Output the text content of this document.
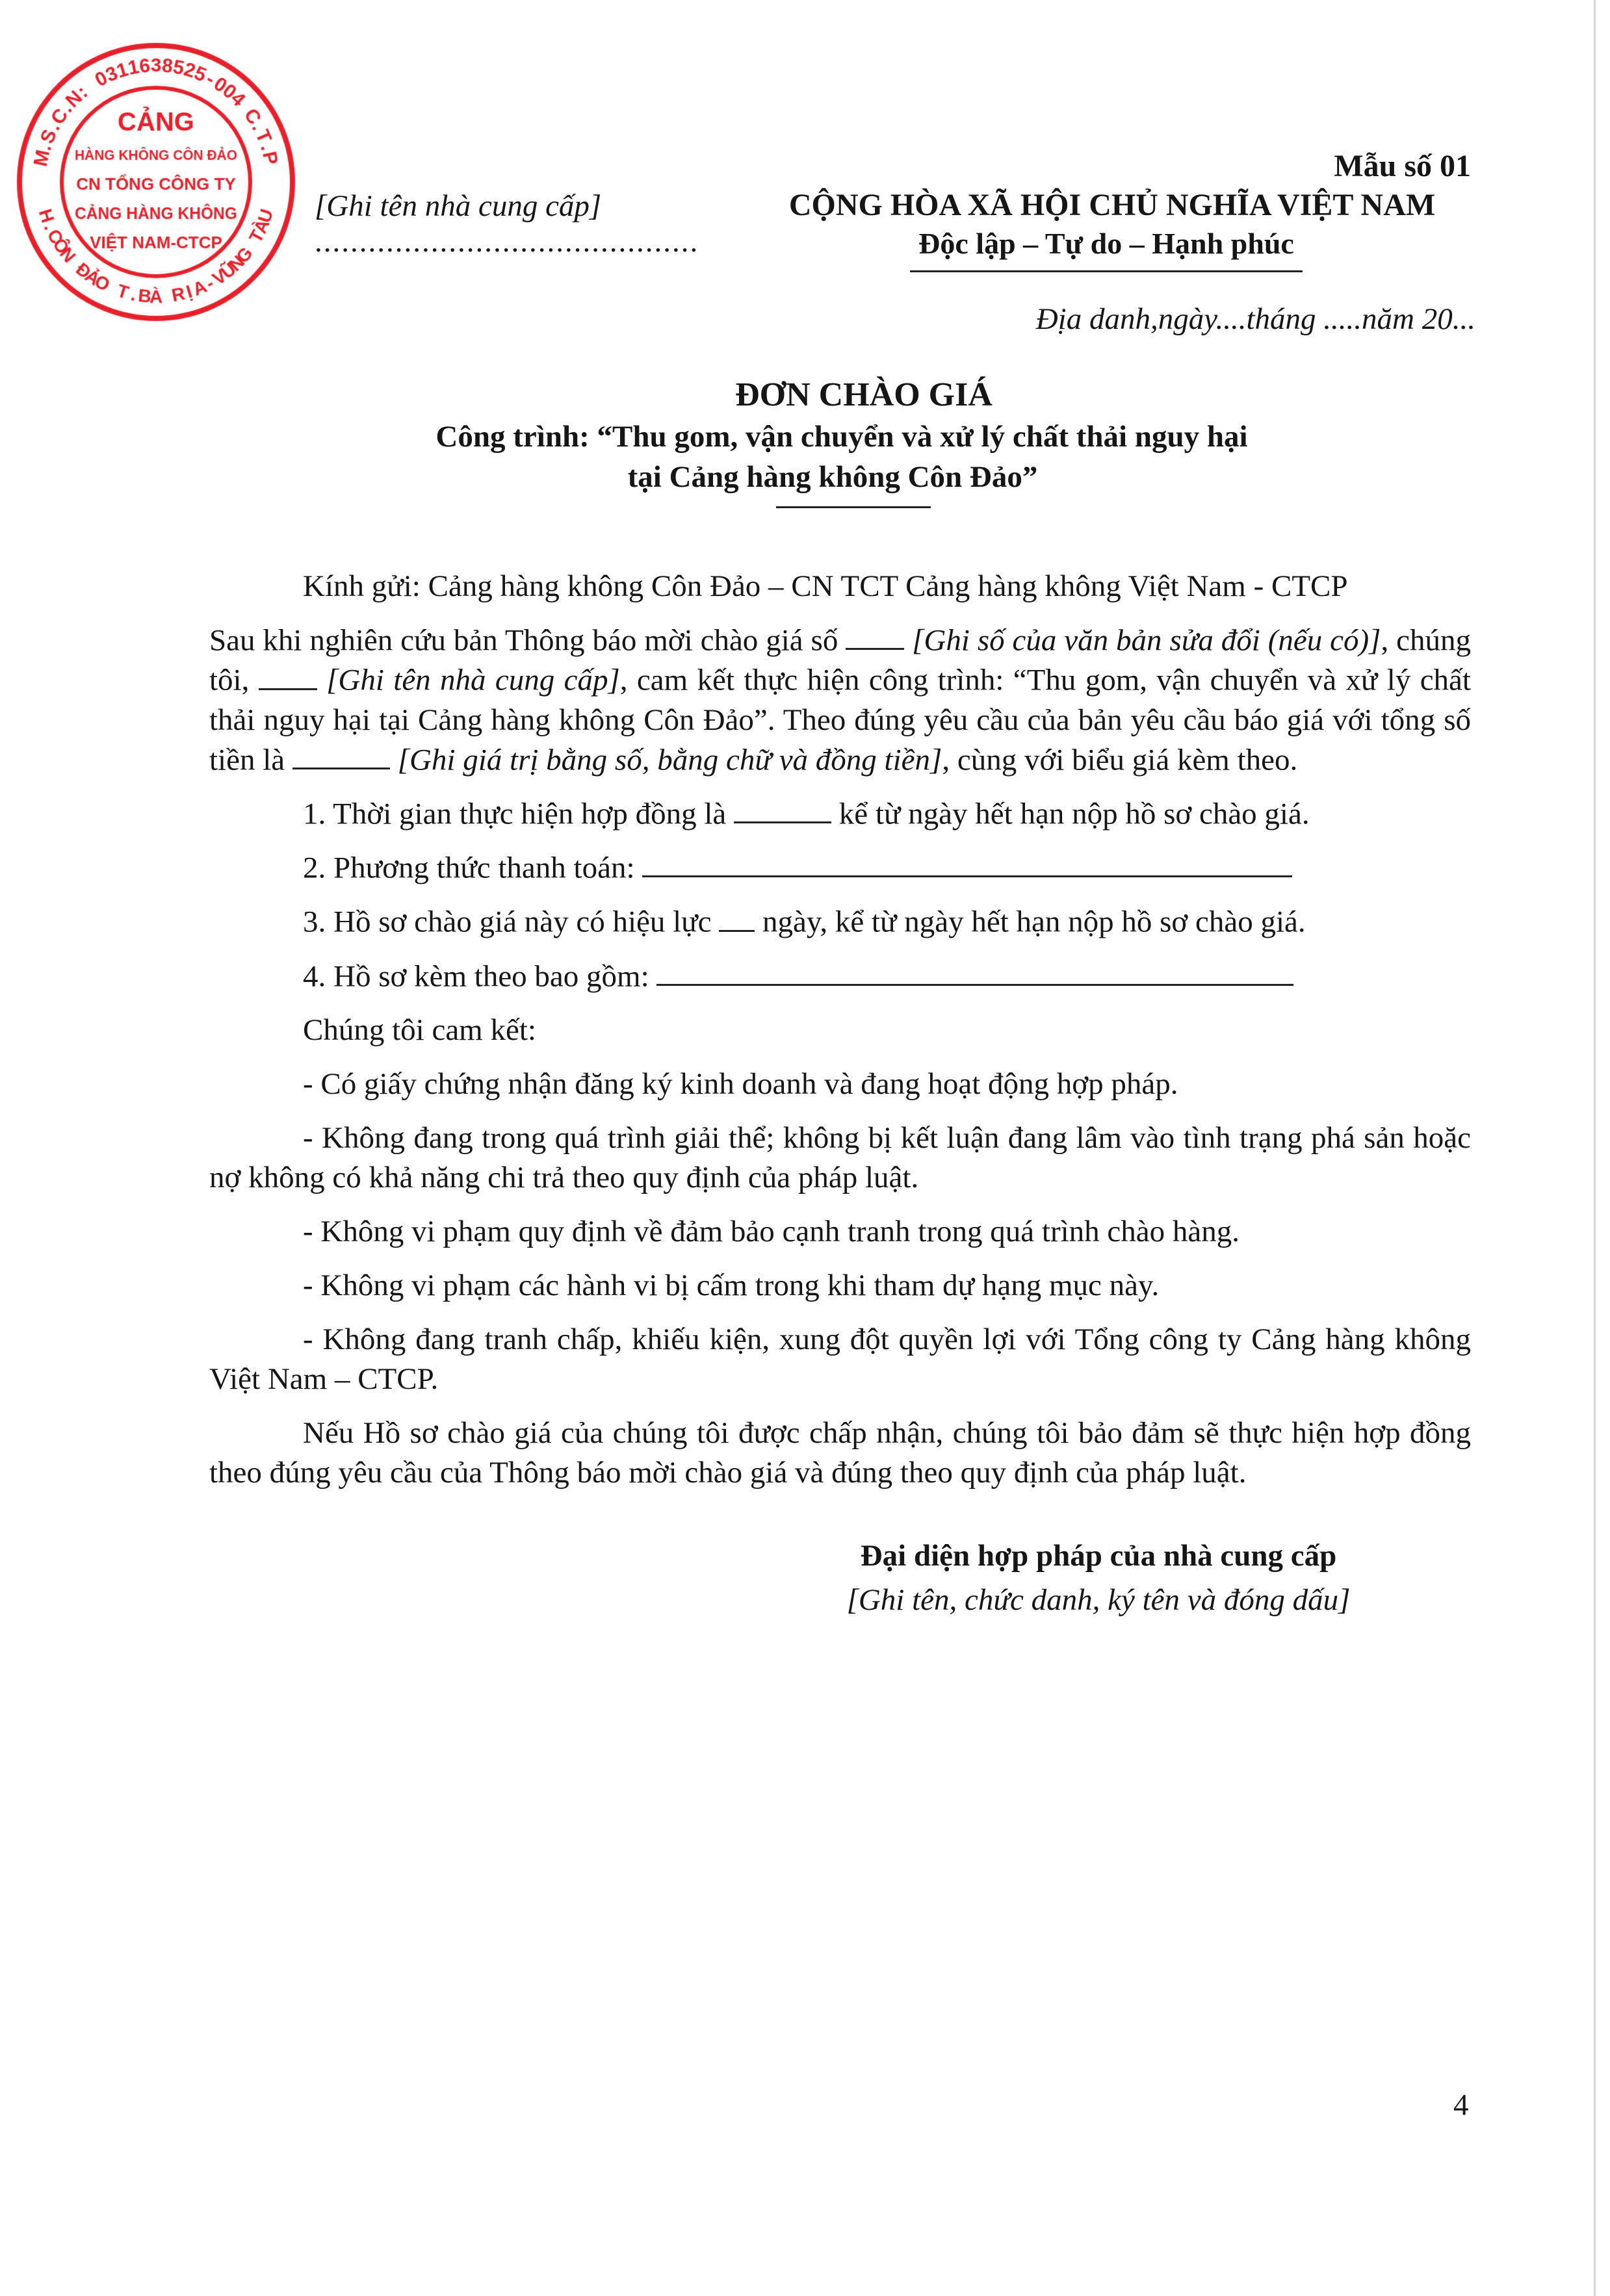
[Ghi tên nhà cung cấp]
...........................................
Mẫu số 01
CỘNG HÒA XÃ HỘI CHỦ NGHĨA VIỆT NAM
Độc lập – Tự do – Hạnh phúc
Địa danh,ngày....tháng .....năm 20...
ĐƠN CHÀO GIÁ
Công trình: “Thu gom, vận chuyển và xử lý chất thải nguy hại
tại Cảng hàng không Côn Đảo”
Kính gửi: Cảng hàng không Côn Đảo – CN TCT Cảng hàng không Việt Nam - CTCP
Sau khi nghiên cứu bản Thông báo mời chào giá số  [Ghi số của văn bản sửa đổi (nếu có)], chúng tôi,  [Ghi tên nhà cung cấp], cam kết thực hiện công trình: “Thu gom, vận chuyển và xử lý chất thải nguy hại tại Cảng hàng không Côn Đảo”. Theo đúng yêu cầu của bản yêu cầu báo giá với tổng số tiền là	[Ghi giá trị bằng số, bằng chữ và đồng tiền], cùng với biểu giá kèm theo.
1. Thời gian thực hiện hợp đồng là	kể từ ngày hết hạn nộp hồ sơ chào giá.
2. Phương thức thanh toán:
3. Hồ sơ chào giá này có hiệu lực  ngày, kể từ ngày hết hạn nộp hồ sơ chào giá.
4. Hồ sơ kèm theo bao gồm:
Chúng tôi cam kết:
- Có giấy chứng nhận đăng ký kinh doanh và đang hoạt động hợp pháp.
- Không đang trong quá trình giải thể; không bị kết luận đang lâm vào tình trạng phá sản hoặc nợ không có khả năng chi trả theo quy định của pháp luật.
- Không vi phạm quy định về đảm bảo cạnh tranh trong quá trình chào hàng.
- Không vi phạm các hành vi bị cấm trong khi tham dự hạng mục này.
- Không đang tranh chấp, khiếu kiện, xung đột quyền lợi với Tổng công ty Cảng hàng không Việt Nam – CTCP.
Nếu Hồ sơ chào giá của chúng tôi được chấp nhận, chúng tôi bảo đảm sẽ thực hiện hợp đồng theo đúng yêu cầu của Thông báo mời chào giá và đúng theo quy định của pháp luật.
Đại diện hợp pháp của nhà cung cấp
[Ghi tên, chức danh, ký tên và đóng dấu]
4
